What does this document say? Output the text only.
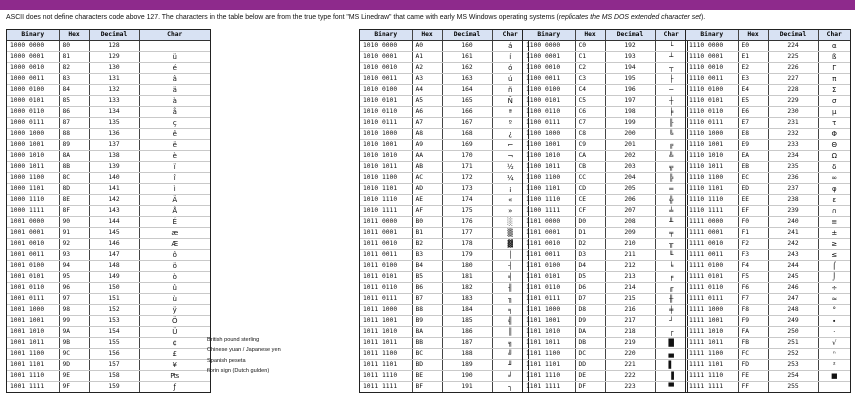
ASCII does not define characters code above 127. The characters in the table below are from the true type font "MS Linedraw" that came with early MS Windows operating systems (replicates the MS DOS extended character set).
Binary	Hex	Decimal	Char
1000 0000	80	128	
1000 0001	81	129	ü
1000 0010	82	130	é
1000 0011	83	131	â
1000 0100	84	132	ä
1000 0101	85	133	à
1000 0110	86	134	å
1000 0111	87	135	ç
1000 1000	88	136	ê
1000 1001	89	137	ë
1000 1010	8A	138	è
1000 1011	8B	139	ï
1000 1100	8C	140	î
1000 1101	8D	141	ì
1000 1110	8E	142	Ä
1000 1111	8F	143	Å
1001 0000	90	144	É
1001 0001	91	145	æ
1001 0010	92	146	Æ
1001 0011	93	147	ô
1001 0100	94	148	ö
1001 0101	95	149	ò
1001 0110	96	150	û
1001 0111	97	151	ù
1001 1000	98	152	ÿ
1001 1001	99	153	Ö
1001 1010	9A	154	Ü
1001 1011	9B	155	¢
1001 1100	9C	156	£
1001 1101	9D	157	¥
1001 1110	9E	158	₧
1001 1111	9F	159	ƒ
Binary	Hex	Decimal	Char
1010 0000	A0	160	á
1010 0001	A1	161	í
1010 0010	A2	162	ó
1010 0011	A3	163	ú
1010 0100	A4	164	ñ
1010 0101	A5	165	Ñ
1010 0110	A6	166	ª
1010 0111	A7	167	º
1010 1000	A8	168	¿
1010 1001	A9	169	⌐
1010 1010	AA	170	¬
1010 1011	AB	171	½
1010 1100	AC	172	¼
1010 1101	AD	173	¡
1010 1110	AE	174	«
1010 1111	AF	175	»
1011 0000	B0	176	░
1011 0001	B1	177	▒
1011 0010	B2	178	▓
1011 0011	B3	179	│
1011 0100	B4	180	┤
1011 0101	B5	181	╡
1011 0110	B6	182	╢
1011 0111	B7	183	╖
1011 1000	B8	184	╕
1011 1001	B9	185	╣
1011 1010	BA	186	║
1011 1011	BB	187	╗
1011 1100	BC	188	╝
1011 1101	BD	189	╜
1011 1110	BE	190	╛
1011 1111	BF	191	┐
Binary	Hex	Decimal	Char
1100 0000	C0	192	└
1100 0001	C1	193	┴
1100 0010	C2	194	┬
1100 0011	C3	195	├
1100 0100	C4	196	─
1100 0101	C5	197	┼
1100 0110	C6	198	╞
1100 0111	C7	199	╟
1100 1000	C8	200	╚
1100 1001	C9	201	╔
1100 1010	CA	202	╩
1100 1011	CB	203	╦
1100 1100	CC	204	╠
1100 1101	CD	205	═
1100 1110	CE	206	╬
1100 1111	CF	207	╧
1101 0000	D0	208	╨
1101 0001	D1	209	╤
1101 0010	D2	210	╥
1101 0011	D3	211	╙
1101 0100	D4	212	╘
1101 0101	D5	213	╒
1101 0110	D6	214	╓
1101 0111	D7	215	╫
1101 1000	D8	216	╪
1101 1001	D9	217	┘
1101 1010	DA	218	┌
1101 1011	DB	219	█
1101 1100	DC	220	▄
1101 1101	DD	221	▌
1101 1110	DE	222	▐
1101 1111	DF	223	▀
Binary	Hex	Decimal	Char
1110 0000	E0	224	α
1110 0001	E1	225	ß
1110 0010	E2	226	Γ
1110 0011	E3	227	π
1110 0100	E4	228	Σ
1110 0101	E5	229	σ
1110 0110	E6	230	µ
1110 0111	E7	231	τ
1110 1000	E8	232	Φ
1110 1001	E9	233	Θ
1110 1010	EA	234	Ω
1110 1011	EB	235	δ
1110 1100	EC	236	∞
1110 1101	ED	237	φ
1110 1110	EE	238	ε
1110 1111	EF	239	∩
1111 0000	F0	240	≡
1111 0001	F1	241	±
1111 0010	F2	242	≥
1111 0011	F3	243	≤
1111 0100	F4	244	⌠
1111 0101	F5	245	⌡
1111 0110	F6	246	÷
1111 0111	F7	247	≈
1111 1000	F8	248	°
1111 1001	F9	249	∙
1111 1010	FA	250	·
1111 1011	FB	251	√
1111 1100	FC	252	ⁿ
1111 1101	FD	253	²
1111 1110	FE	254	■
1111 1111	FF	255	
British pound sterling
Chinese yuan / Japanese yen
Spanish peseta
florin sign (Dutch gulden)
